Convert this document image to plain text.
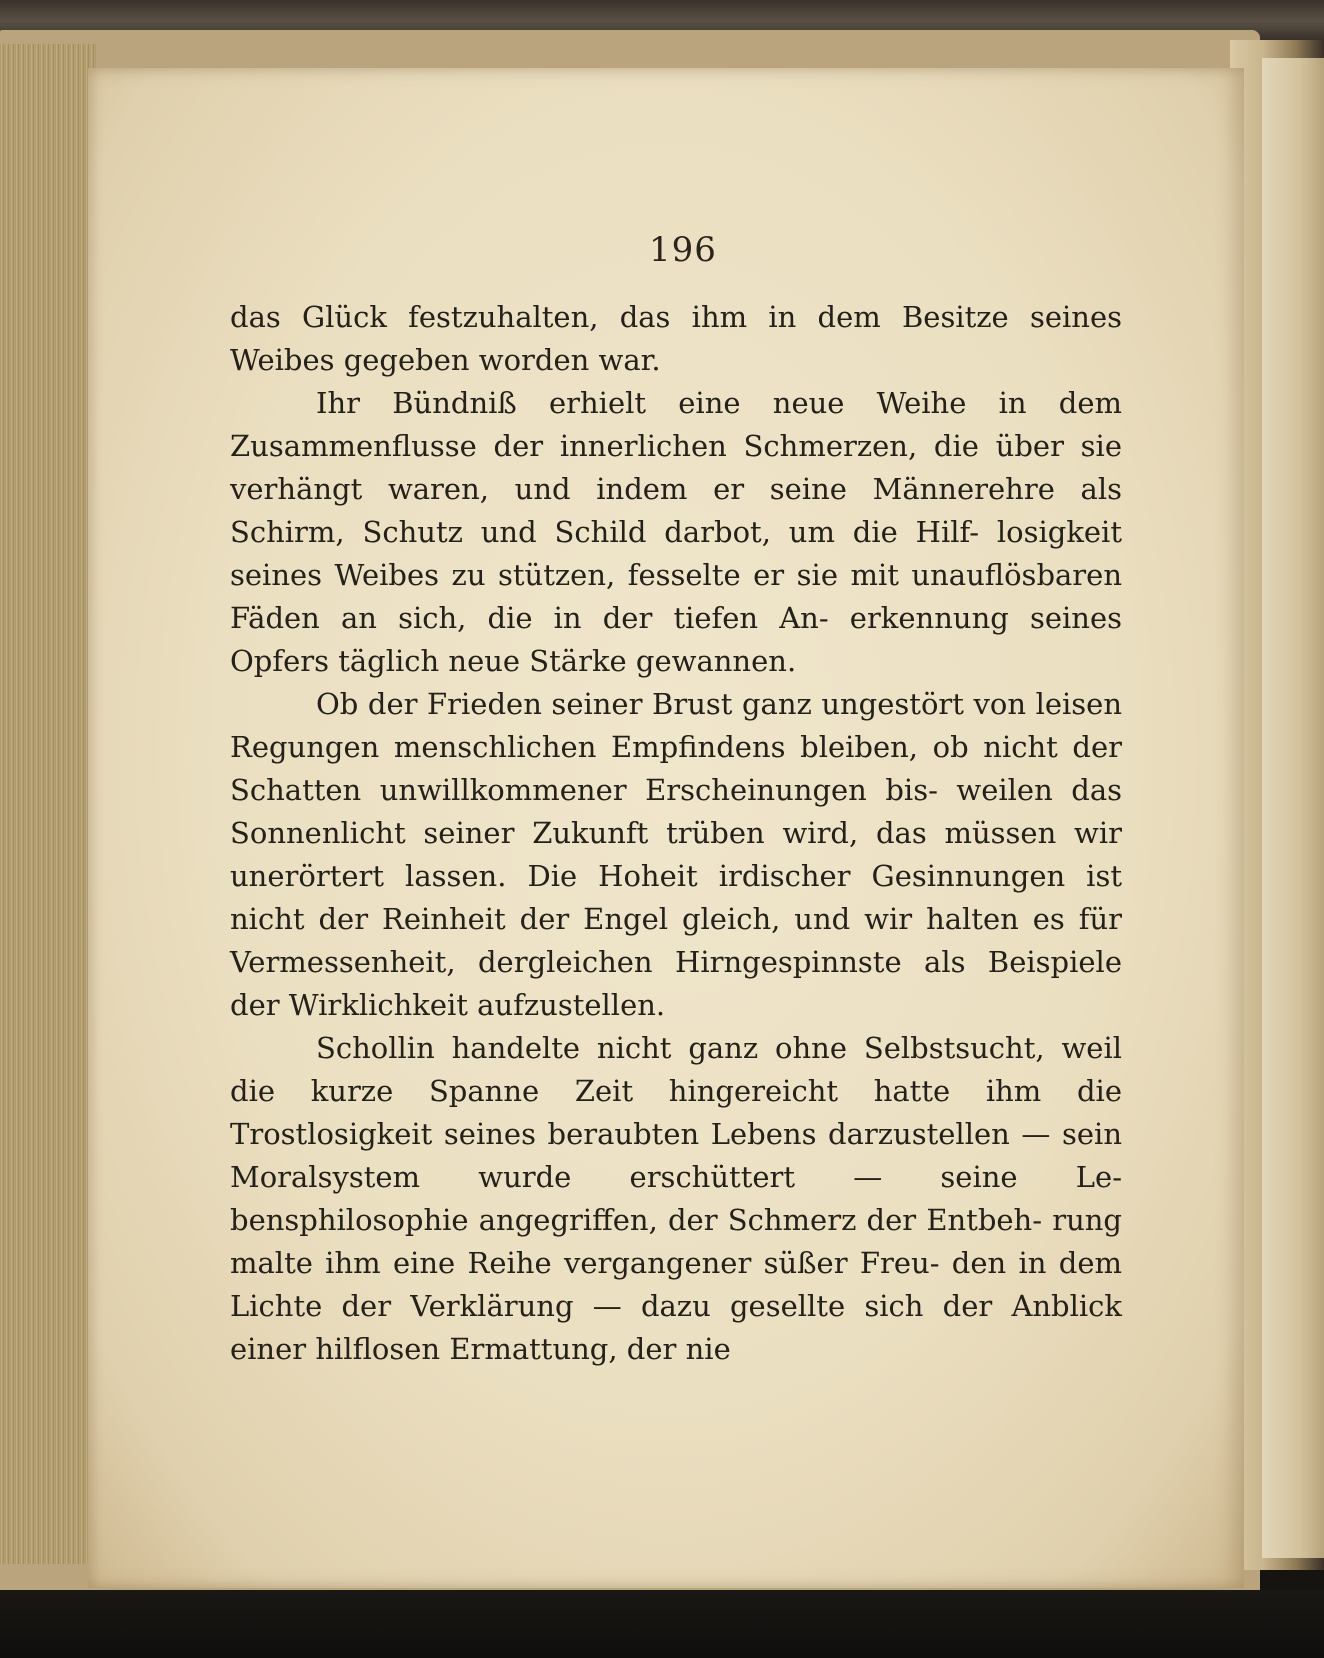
196

das Glück festzuhalten, das ihm in dem Besitze seines Weibes gegeben worden war.

Ihr Bündniß erhielt eine neue Weihe in dem Zusammenflusse der innerlichen Schmerzen, die über sie verhängt waren, und indem er seine Männerehre als Schirm, Schutz und Schild darbot, um die Hilf- losigkeit seines Weibes zu stützen, fesselte er sie mit unauflösbaren Fäden an sich, die in der tiefen An- erkennung seines Opfers täglich neue Stärke gewannen.

Ob der Frieden seiner Brust ganz ungestört von leisen Regungen menschlichen Empfindens bleiben, ob nicht der Schatten unwillkommener Erscheinungen bis- weilen das Sonnenlicht seiner Zukunft trüben wird, das müssen wir unerörtert lassen. Die Hoheit irdischer Gesinnungen ist nicht der Reinheit der Engel gleich, und wir halten es für Vermessenheit, dergleichen Hirngespinnste als Beispiele der Wirklichkeit aufzustellen.

Schollin handelte nicht ganz ohne Selbstsucht, weil die kurze Spanne Zeit hingereicht hatte ihm die Trostlosigkeit seines beraubten Lebens darzustellen — sein Moralsystem wurde erschüttert — seine Le- bensphilosophie angegriffen, der Schmerz der Entbeh- rung malte ihm eine Reihe vergangener süßer Freu- den in dem Lichte der Verklärung — dazu gesellte sich der Anblick einer hilflosen Ermattung, der nie
